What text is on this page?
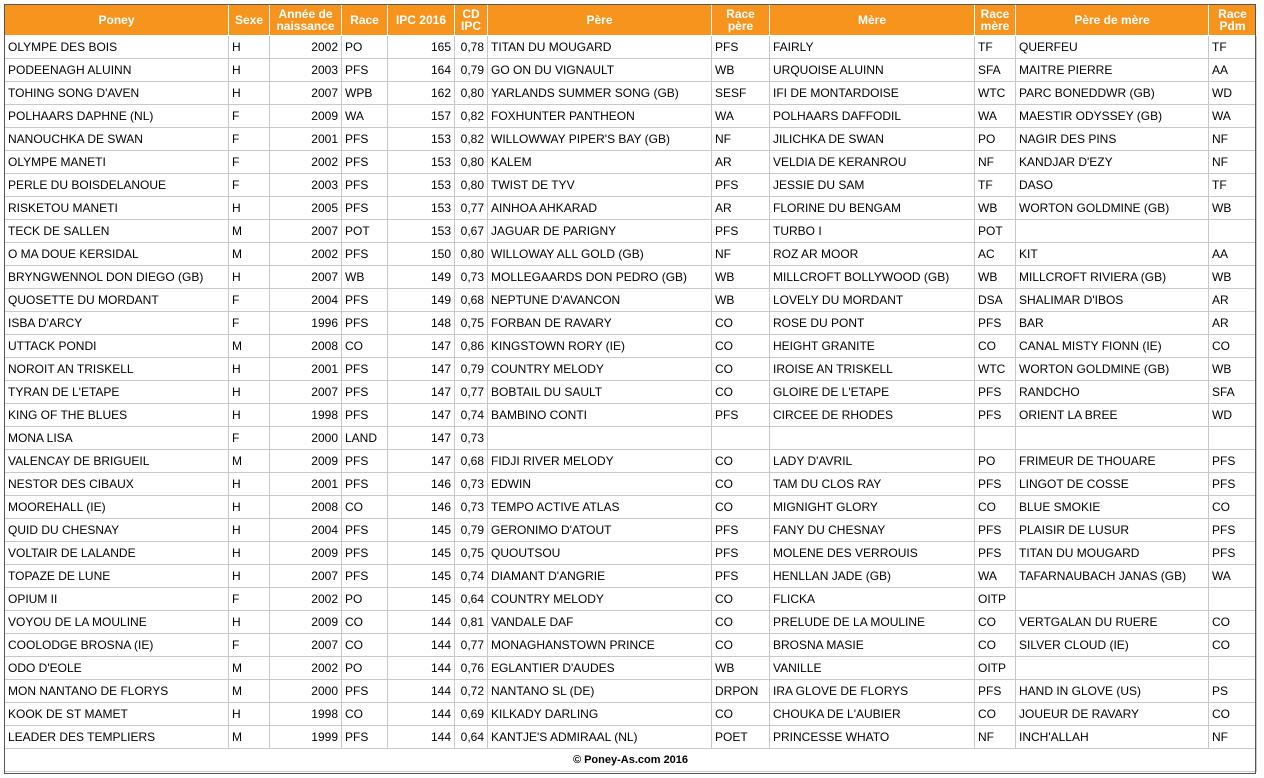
Poney	Sexe	Année de naissance	Race	IPC 2016	CD IPC	Père	Race père	Mère	Race mère	Père de mère	Race Pdm
OLYMPE DES BOIS	H	2002	PO	165	0,78	TITAN DU MOUGARD	PFS	FAIRLY	TF	QUERFEU	TF
PODEENAGH ALUINN	H	2003	PFS	164	0,79	GO ON DU VIGNAULT	WB	URQUOISE ALUINN	SFA	MAITRE PIERRE	AA
TOHING SONG D'AVEN	H	2007	WPB	162	0,80	YARLANDS SUMMER SONG (GB)	SESF	IFI DE MONTARDOISE	WTC	PARC BONEDDWR (GB)	WD
POLHAARS DAPHNE (NL)	F	2009	WA	157	0,82	FOXHUNTER PANTHEON	WA	POLHAARS DAFFODIL	WA	MAESTIR ODYSSEY (GB)	WA
NANOUCHKA DE SWAN	F	2001	PFS	153	0,82	WILLOWWAY PIPER'S BAY (GB)	NF	JILICHKA DE SWAN	PO	NAGIR DES PINS	NF
OLYMPE MANETI	F	2002	PFS	153	0,80	KALEM	AR	VELDIA DE KERANROU	NF	KANDJAR D'EZY	NF
PERLE DU BOISDELANOUE	F	2003	PFS	153	0,80	TWIST DE TYV	PFS	JESSIE DU SAM	TF	DASO	TF
RISKETOU MANETI	H	2005	PFS	153	0,77	AINHOA AHKARAD	AR	FLORINE DU BENGAM	WB	WORTON GOLDMINE (GB)	WB
TECK DE SALLEN	M	2007	POT	153	0,67	JAGUAR DE PARIGNY	PFS	TURBO I	POT		
O MA DOUE KERSIDAL	M	2002	PFS	150	0,80	WILLOWAY ALL GOLD (GB)	NF	ROZ AR MOOR	AC	KIT	AA
BRYNGWENNOL DON DIEGO (GB)	H	2007	WB	149	0,73	MOLLEGAARDS DON PEDRO (GB)	WB	MILLCROFT BOLLYWOOD (GB)	WB	MILLCROFT RIVIERA (GB)	WB
QUOSETTE DU MORDANT	F	2004	PFS	149	0,68	NEPTUNE D'AVANCON	WB	LOVELY DU MORDANT	DSA	SHALIMAR D'IBOS	AR
ISBA D'ARCY	F	1996	PFS	148	0,75	FORBAN DE RAVARY	CO	ROSE DU PONT	PFS	BAR	AR
UTTACK PONDI	M	2008	CO	147	0,86	KINGSTOWN RORY (IE)	CO	HEIGHT GRANITE	CO	CANAL MISTY FIONN (IE)	CO
NOROIT AN TRISKELL	H	2001	PFS	147	0,79	COUNTRY MELODY	CO	IROISE AN TRISKELL	WTC	WORTON GOLDMINE (GB)	WB
TYRAN DE L'ETAPE	H	2007	PFS	147	0,77	BOBTAIL DU SAULT	CO	GLOIRE DE L'ETAPE	PFS	RANDCHO	SFA
KING OF THE BLUES	H	1998	PFS	147	0,74	BAMBINO CONTI	PFS	CIRCEE DE RHODES	PFS	ORIENT LA BREE	WD
MONA LISA	F	2000	LAND	147	0,73						
VALENCAY DE BRIGUEIL	M	2009	PFS	147	0,68	FIDJI RIVER MELODY	CO	LADY D'AVRIL	PO	FRIMEUR DE THOUARE	PFS
NESTOR DES CIBAUX	H	2001	PFS	146	0,73	EDWIN	CO	TAM DU CLOS RAY	PFS	LINGOT DE COSSE	PFS
MOOREHALL (IE)	H	2008	CO	146	0,73	TEMPO ACTIVE ATLAS	CO	MIGNIGHT GLORY	CO	BLUE SMOKIE	CO
QUID DU CHESNAY	H	2004	PFS	145	0,79	GERONIMO D'ATOUT	PFS	FANY DU CHESNAY	PFS	PLAISIR DE LUSUR	PFS
VOLTAIR DE LALANDE	H	2009	PFS	145	0,75	QUOUTSOU	PFS	MOLENE DES VERROUIS	PFS	TITAN DU MOUGARD	PFS
TOPAZE DE LUNE	H	2007	PFS	145	0,74	DIAMANT D'ANGRIE	PFS	HENLLAN JADE (GB)	WA	TAFARNAUBACH JANAS (GB)	WA
OPIUM II	F	2002	PO	145	0,64	COUNTRY MELODY	CO	FLICKA	OITP		
VOYOU DE LA MOULINE	H	2009	CO	144	0,81	VANDALE DAF	CO	PRELUDE DE LA MOULINE	CO	VERTGALAN DU RUERE	CO
COOLODGE BROSNA (IE)	F	2007	CO	144	0,77	MONAGHANSTOWN PRINCE	CO	BROSNA MASIE	CO	SILVER CLOUD (IE)	CO
ODO D'EOLE	M	2002	PO	144	0,76	EGLANTIER D'AUDES	WB	VANILLE	OITP		
MON NANTANO DE FLORYS	M	2000	PFS	144	0,72	NANTANO SL (DE)	DRPON	IRA GLOVE DE FLORYS	PFS	HAND IN GLOVE (US)	PS
KOOK DE ST MAMET	H	1998	CO	144	0,69	KILKADY DARLING	CO	CHOUKA DE L'AUBIER	CO	JOUEUR DE RAVARY	CO
LEADER DES TEMPLIERS	M	1999	PFS	144	0,64	KANTJE'S ADMIRAAL (NL)	POET	PRINCESSE WHATO	NF	INCH'ALLAH	NF
© Poney-As.com 2016											
